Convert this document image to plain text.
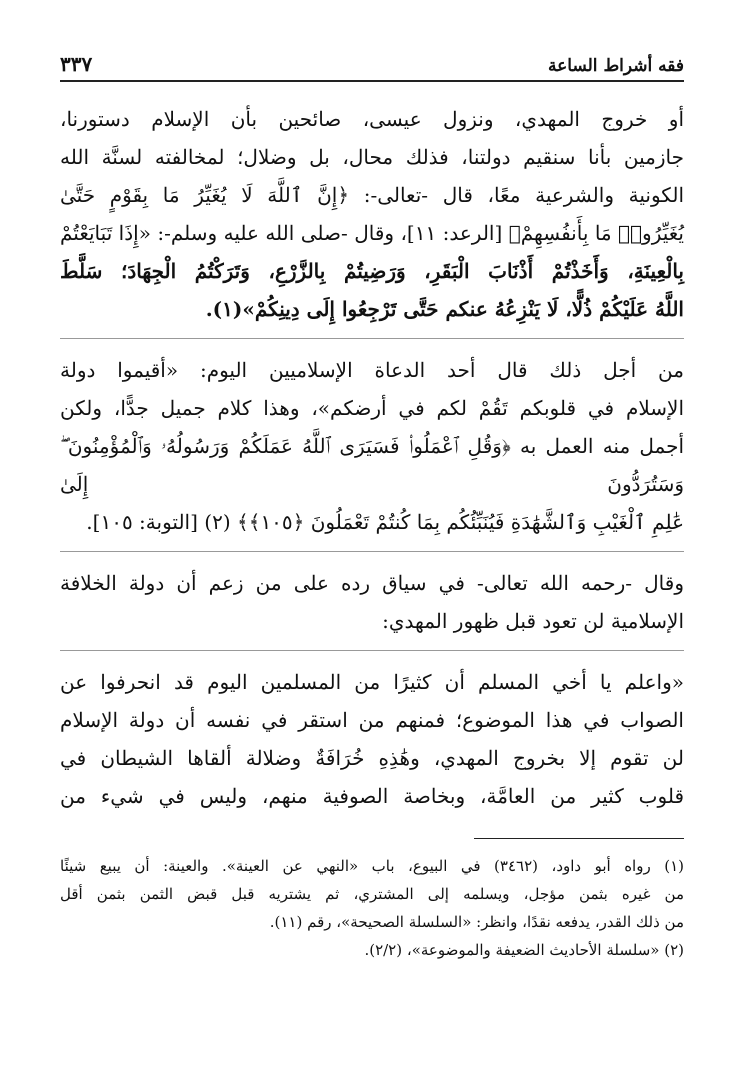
٣٣٧	فقه أشراط الساعة

أو خروج المهدي، ونزول عيسى، صائحين بأن الإسلام دستورنا،
جازمين بأنا سنقيم دولتنا، فذلك محال، بل وضلال؛ لمخالفته لسنَّة الله
الكونية والشرعية معًا، قال -تعالى-: ﴿إِنَّ ٱللَّهَ لَا يُغَيِّرُ مَا بِقَوْمٍ حَتَّىٰ
يُغَيِّرُوا۟ مَا بِأَنفُسِهِمْ﴾ [الرعد: ١١]، وقال -صلى الله عليه وسلم-: «إِذَا تَبَايَعْتُمْ
بِالْعِينَةِ، وَأَخَذْتُمْ أَذْنَابَ الْبَقَرِ، وَرَضِيتُمْ بِالزَّرْعِ، وَتَرَكْتُمُ الْجِهَادَ؛ سَلَّطَ
اللَّهُ عَلَيْكُمْ ذُلًّا، لَا يَنْزِعُهُ عنكم حَتَّى تَرْجِعُوا إِلَى دِينِكُمْ»(١).

من أجل ذلك قال أحد الدعاة الإسلاميين اليوم: «أقيموا دولة
الإسلام في قلوبكم تَقُمْ لكم في أرضكم»، وهذا كلام جميل جدًّا، ولكن
أجمل منه العمل به ﴿وَقُلِ ٱعْمَلُوا۟ فَسَيَرَى ٱللَّهُ عَمَلَكُمْ وَرَسُولُهُۥ وَٱلْمُؤْمِنُونَ ۖ وَسَتُرَدُّونَ إِلَىٰ
عَٰلِمِ ٱلْغَيْبِ وَٱلشَّهَٰدَةِ فَيُنَبِّئُكُم بِمَا كُنتُمْ تَعْمَلُونَ ﴿١٠٥﴾﴾ (٢) [التوبة: ١٠٥].

وقال -رحمه الله تعالى- في سياق رده على من زعم أن دولة الخلافة
الإسلامية لن تعود قبل ظهور المهدي:

«واعلم يا أخي المسلم أن كثيرًا من المسلمين اليوم قد انحرفوا عن
الصواب في هذا الموضوع؛ فمنهم من استقر في نفسه أن دولة الإسلام
لن تقوم إلا بخروج المهدي، وهَٰذِهِ خُرَافَةٌ وضلالة ألقاها الشيطان في
قلوب كثير من العامَّة، وبخاصة الصوفية منهم، وليس في شيء من

(١) رواه أبو داود، (٣٤٦٢) في البيوع، باب «النهي عن العينة». والعينة: أن يبيع شيئًا
من غيره بثمن مؤجل، ويسلمه إلى المشتري، ثم يشتريه قبل قبض الثمن بثمن أقل
من ذلك القدر، يدفعه نقدًا، وانظر: «السلسلة الصحيحة»، رقم (١١).

(٢) «سلسلة الأحاديث الضعيفة والموضوعة»، (٢/٢).
